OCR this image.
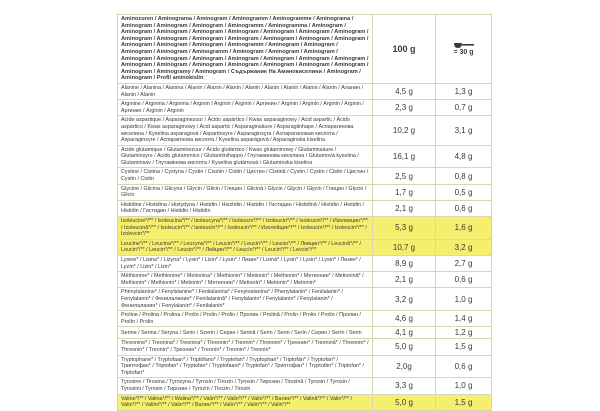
Aminozuren / Aminograma / Aminogram / Aminogramm / Aminogramme / Aminograma / Aminogram / Aminogram / Aminogram / Aminogramm / Aminogramma / Aminogram / Aminogram / Aminogram / Aminogram / Aminogram / Aminogram / Aminogram / Aminogram / Aminogram / Aminogram / Aminogram / Aminogram / Aminogram / Aminogram / Aminogram / Aminogram / Aminogram / Aminogram / Aminogramm / Aminogram / Aminogram / Aminogram / Aminogram / Aminogramm / Aminogram / Aminogram / Aminogram / Aminogram / Aminogram / Aminogram / Aminogram / Aminogram / Aminogram / Aminogram / Aminogram / Aminogram / Aminogram / Aminogram / Aminogram / Aminogram / Aminogram / Aminogram / Aminogramy / Aminogram / Съдържание На Аминокиселини / Aminogram / Aminogram / Profil aminokislin	100 g	= 30 g
Alanine / Alanina / Alanina / Alanin / Alanin / Alanin / Alanin / Alanin / Alanin / Alanin / Alanin / Аланин / Alanin / Alanin	4,5 g	1,3 g
Arginine / Arginina / Arginina / Arginin / Arginin / Arginin / Аргинин / Arginin / Arginin / Arginin / Arginin / Аргинин / Arginin / Arginin	2,3 g	0,7 g
Acide aspartique / Asparaginezuur / Ácido aspártico / Kwas asparaginowy / Acid aspartic / Ácido aspártico / Kwas asparaginowy / Acid aspartic / Asparaginsäure / Asparagiinhape / Аспарагинова киселина / Kyselina asparagová / Aspartinsyre / Asparaginsyra / Аспарагиновая кислота / Asparaginsyre / Аспарагінова кислота / Kyselina asparágová / Asparaginska kiselina	10,2 g	3,1 g
Acide glutamique / Glutaminezuur / Ácido glutámico / Kwas glutaminowy / Glutaminsäure / Glutaminsyre / Acido glutammico / Glutamiinihappo / Глутаминова киселина / Glutamová kyselina / Glutaminsav / Глутамінова кислота / Kyselina glutámová / Glutaminska kiselina	16,1 g	4,8 g
Cystine / Cistina / Cystyna / Cystin / Cisztin / Cistin / Цистин / Cistină / Cystin / Cystin / Cistin / Цистин / Cystin / Cistin	2,5 g	0,8 g
Glycine / Glicina / Glicyna / Glycin / Glicin / Глицин / Glicină / Glycin / Glycin / Glycin / Глицин / Glycin / Glicin	1,7 g	0,5 g
Histidine / Histidina / Histydyna / Histidin / Hisztidin / Histidin / Гистидин / Histidină / Histidin / Histidin / Histidin / Гистидин / Histidin / Histidin	2,1 g	0,6 g
Isoleucine*/** / Isoleucina*/** / Izoleucyna*/** / Isoleucin*/** / Izoleucin*/** / Isoleucin*/** / Изолевцин*/** / Izoleucină*/** / Isoleucin*/** / Isoleucin*/** / Isoleucin*/** / Изолейцин*/** / Izoleucín*/** / Izoleucin*/** / Izolevcin*/**	5,3 g	1,6 g
Leucine*/** / Leucina*/** / Leucyna*/** / Leucin*/** / Leucin*/** / Leucin*/** / Левцин*/** / Leucină*/** / Leucin*/** / Leucin*/** / Leucin*/** / Лейцин*/** / Leucín*/** / Leucin*/** / Levcin*/**	10,7 g	3,2 g
Lysine* / Lisina* / Lizyna* / Lysin* / Lizin* / Lysin* / Лизин* / Lizină* / Lysin* / Lysin* / Lysin* / Лизин* / Lyzín* / Lizin* / Lizin*	8,9 g	2,7 g
Méthionine* / Methionine* / Metionina* / Methionin* / Metionin* / Methionin* / Метионин* / Metionină* / Methionin* / Methionin* / Metionin* / Метионин* / Metionín* / Metionin* / Metionin*	2,1 g	0,6 g
Phénylalanine* / Fenylalanine* / Fenilalanina* / Fenyloalanina* / Phenylalanin* / Fenilalanin* / Fenylalanin* / Фенилаланин* / Fenilalanină* / Fenylalanin* / Fenylalanin* / Fenylalanin* / Фенилаланин* / Fenylalanín* / Fenilalanin*	3,2 g	1,0 g
Proline / Prolina / Prolina / Prolin / Prolin / Prolin / Пролин / Prolină / Prolin / Prolin / Prolin / Пролин / Prolín / Prolin	4,6 g	1,4 g
Serine / Serina / Seryna / Serin / Szerin / Серин / Serină / Serin / Serin / Serin / Серин / Serín / Serin	4,1 g	1,2 g
Threonine* / Treonina* / Treonina* / Threonin* / Treonin* / Threonin* / Треонин* / Treonină* / Threonin* / Threonin* / Treonin* / Треонин* / Treonín* / Treonin* / Treonin*	5,0 g	1,5 g
Tryptophane* / Tryptofaan* / Triptófano* / Tryptofan* / Tryptophan* / Triptofán* / Tryptofan* / Триптофан* / Triptofan* / Tryptofan* / Tryptofaani* / Tryptofan* / Триптофан* / Tryptofán* / Triptofan* / Triptofan*	2,0g	0,6 g
Tyrosine / Tirosina / Tyrozyna / Tyrosin / Tirozin / Tyrosin / Тирозин / Tirozină / Tyrosin / Tyrosin / Tyrosiini / Tyrosin / Тирозин / Tyrozín / Tirozin / Tirozin	3,3 g	1,0 g
Valine*/** / Valina*/** / Walina*/** / Valin*/** / Valin*/** / Valin*/** / Валин*/** / Valină*/** / Valin*/** / Valin*/** / Valiini*/** / Valin*/** / Валин*/** / Valín*/** / Valin*/** / Valin*/**	5,0 g	1,5 g
